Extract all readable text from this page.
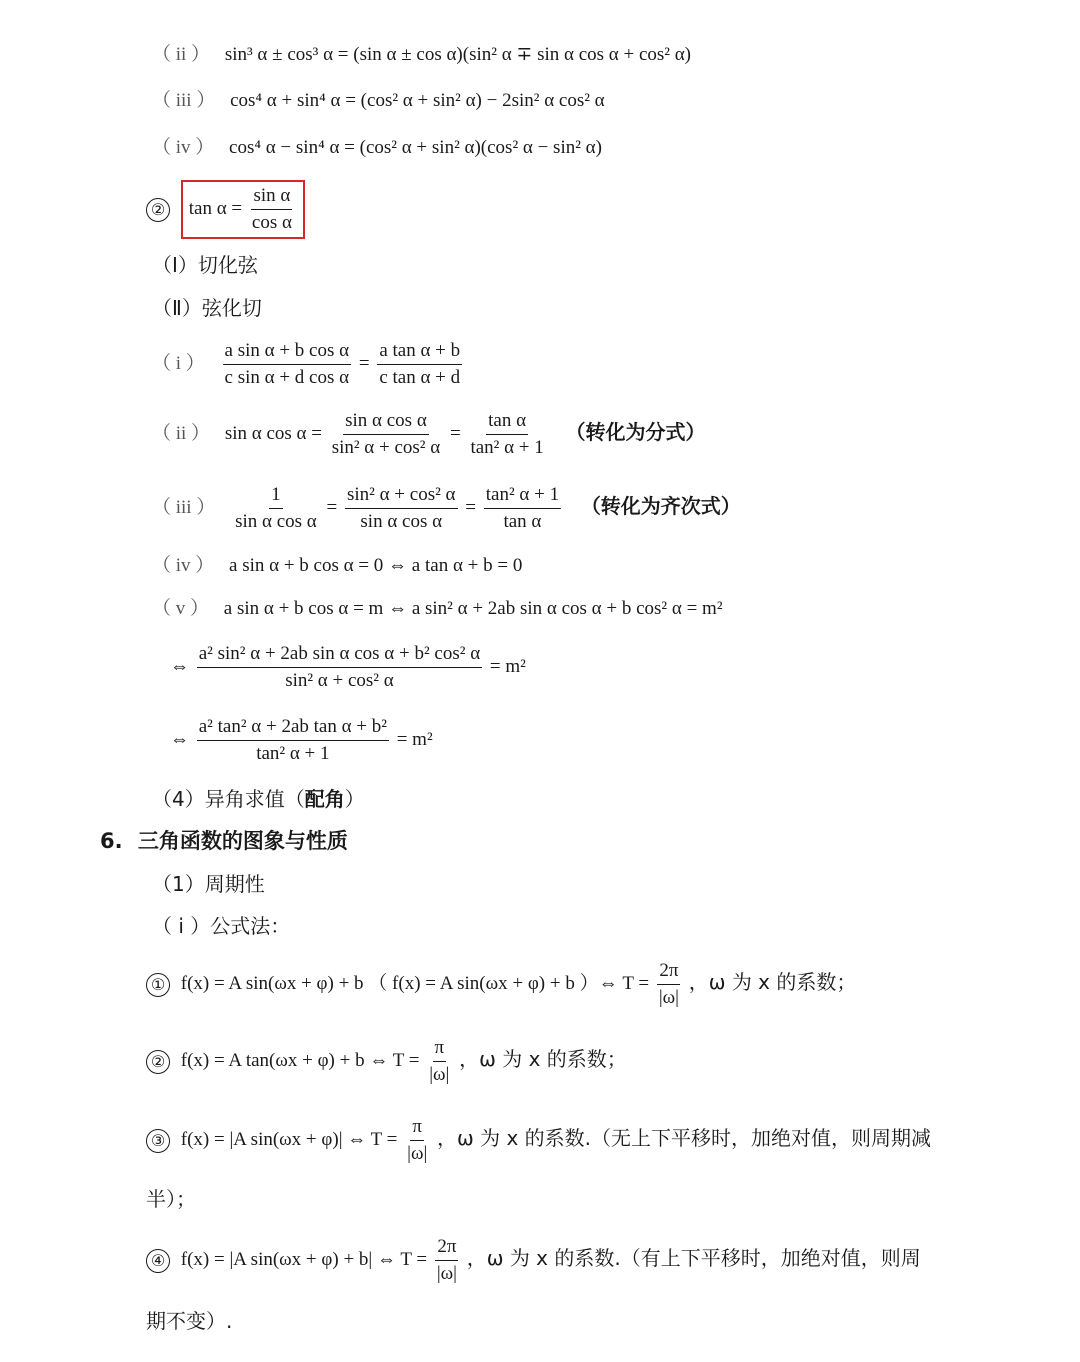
（ ii ） sin³ α ± cos³ α = (sin α ± cos α)(sin² α ∓ sin α cos α + cos² α)
（ iii ） cos⁴ α + sin⁴ α = (cos² α + sin² α) − 2sin² α cos² α
（ iv ） cos⁴ α − sin⁴ α = (cos² α + sin² α)(cos² α − sin² α)
② $\tan \alpha = \frac{\text{sin α}}{\text{cos α}}$
（Ⅰ）切化弦
（Ⅱ）弦化切
（ i ） $\frac{\text{a sin α + b cos α}}{\text{c sin α + d cos α}} = \frac{\text{a tan α + b}}{\text{c tan α + d}}$
（ ii ） sin α $\cos \alpha = \frac{\text{sin α cos α}}{\text{sin² α + cos² α}} = \frac{\text{tan α}}{\text{tan² α + 1}}$ （转化为分式）
（ iii ） $\frac{1}{\text{sin α cos α}} = \frac{\text{sin² α + cos² α}}{\text{sin α cos α}} = \frac{\text{tan² α + 1}}{\text{tan α}}$ （转化为齐次式）
（ iv ） a sin α + b cos α = 0 ⇔ a tan α + b = 0
（ v ） a sin α + b cos α = m ⇔ a sin² α + 2ab sin α cos α + b cos² α = m²
⇔ $\frac{\text{a² sin² α + 2ab sin α cos α + b² cos² α}}{\text{sin² α + cos² α}} = m^2$
⇔ $\frac{\text{a² tan² α + 2ab tan α + b²}}{\text{tan² α + 1}} = m^2$
（4）异角求值（配角）
6. 三角函数的图象与性质
（1）周期性
（ i ）公式法：
① f(x) = A sin(ωx + φ) + b （ f(x) = A sin(ωx + φ) + b ）⇔ $T = \frac{2\pi}{|\omega|}$ ，ω 为 x 的系数；
② f(x) = A tan(ωx + φ) + b ⇔ $T = \frac{\pi}{|\omega|}$ ，ω 为 x 的系数；
③ f(x) = |A sin(ωx + φ)| ⇔ $T = \frac{\pi}{|\omega|}$ ，ω 为 x 的系数.（无上下平移时，加绝对值，则周期减
半）；
④ f(x) = |A sin(ωx + φ) + b| ⇔ $T = \frac{2\pi}{|\omega|}$ ，ω 为 x 的系数.（有上下平移时，加绝对值，则周
期不变）.
